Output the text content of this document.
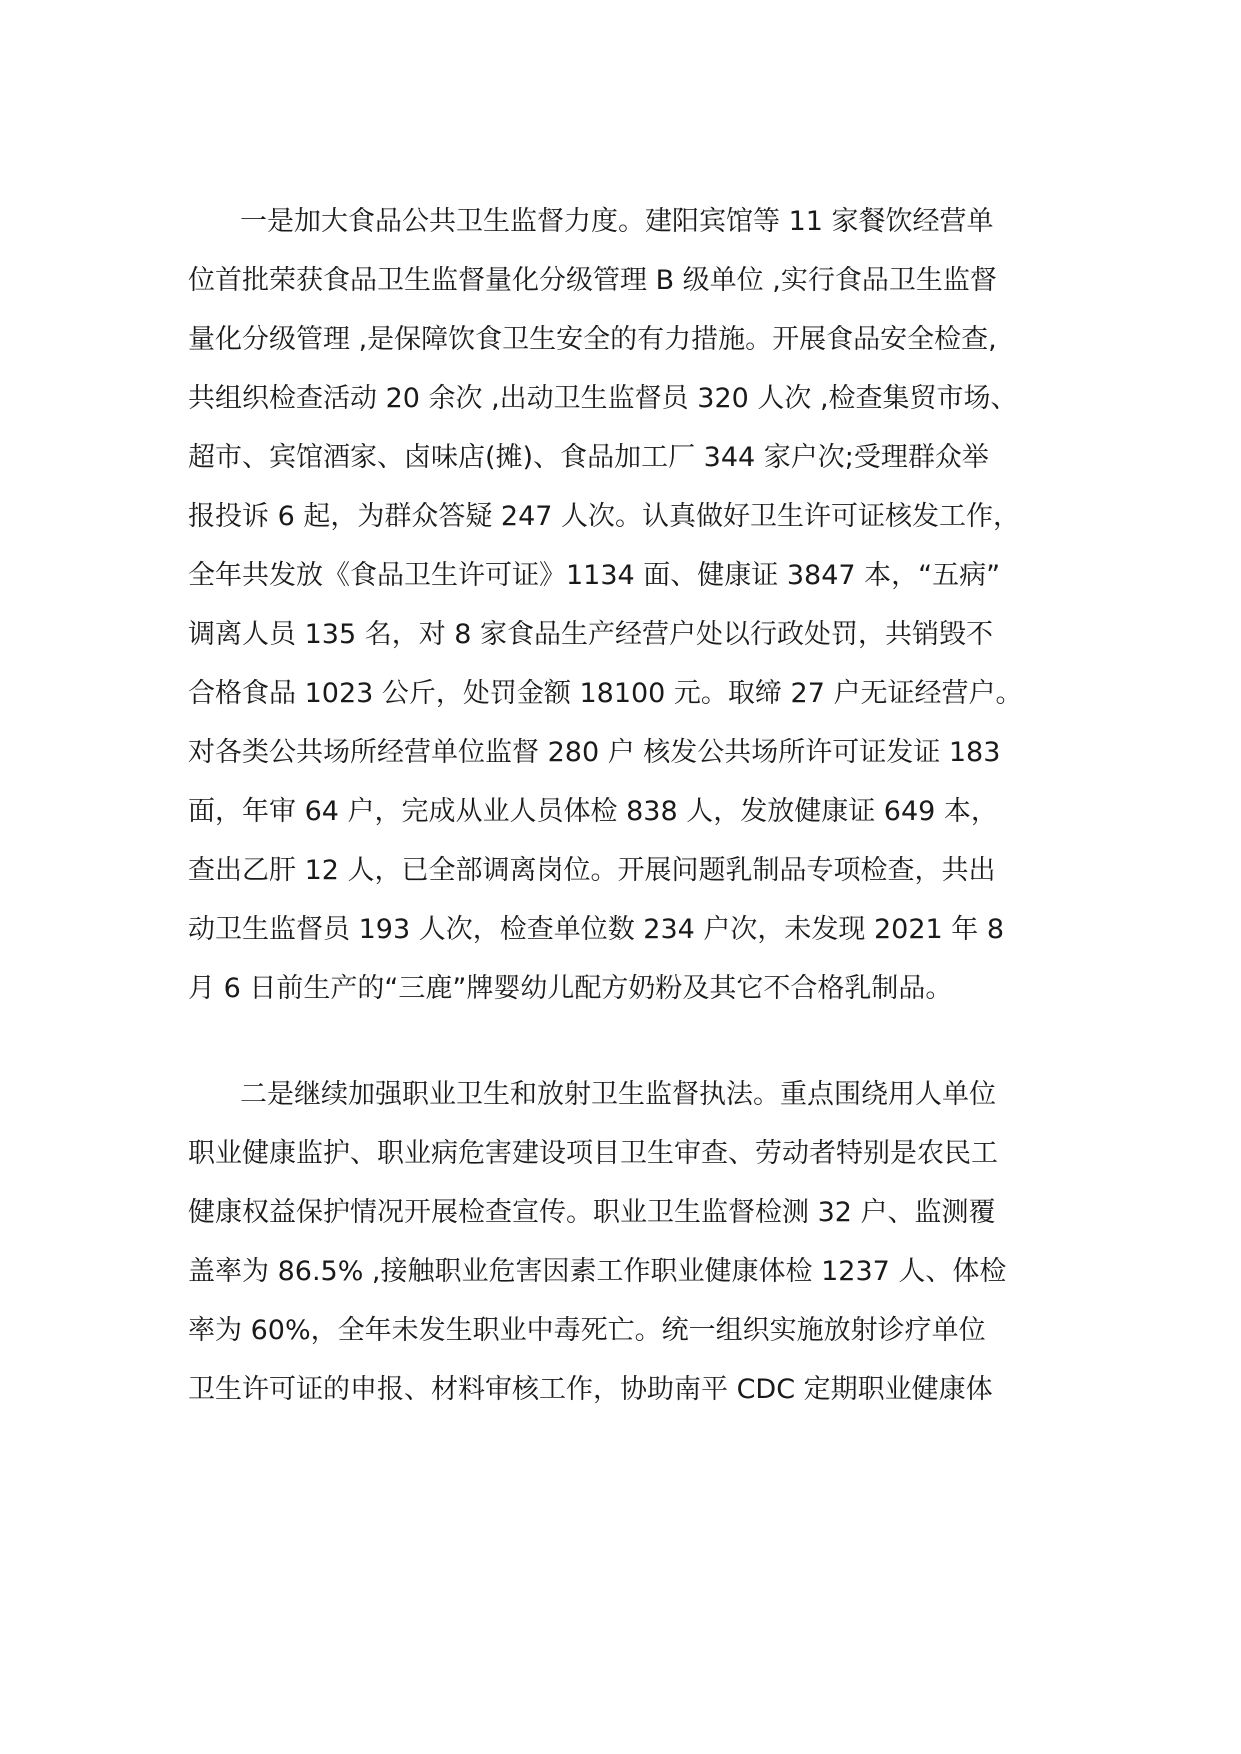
一是加大食品公共卫生监督力度。建阳宾馆等 11 家餐饮经营单
位首批荣获食品卫生监督量化分级管理 B 级单位 ,实行食品卫生监督
量化分级管理 ,是保障饮食卫生安全的有力措施。开展食品安全检查,
共组织检查活动 20 余次 ,出动卫生监督员 320 人次 ,检查集贸市场、
超市、宾馆酒家、卤味店(摊)、食品加工厂 344 家户次;受理群众举
报投诉 6 起，为群众答疑 247 人次。认真做好卫生许可证核发工作，
全年共发放《食品卫生许可证》1134 面、健康证 3847 本，“五病”
调离人员 135 名，对 8 家食品生产经营户处以行政处罚，共销毁不
合格食品 1023 公斤，处罚金额 18100 元。取缔 27 户无证经营户。
对各类公共场所经营单位监督 280 户 核发公共场所许可证发证 183
面，年审 64 户，完成从业人员体检 838 人，发放健康证 649 本，
查出乙肝 12 人，已全部调离岗位。开展问题乳制品专项检查，共出
动卫生监督员 193 人次，检查单位数 234 户次，未发现 2021 年 8
月 6 日前生产的“三鹿”牌婴幼儿配方奶粉及其它不合格乳制品。
二是继续加强职业卫生和放射卫生监督执法。重点围绕用人单位
职业健康监护、职业病危害建设项目卫生审查、劳动者特别是农民工
健康权益保护情况开展检查宣传。职业卫生监督检测 32 户、监测覆
盖率为 86.5% ,接触职业危害因素工作职业健康体检 1237 人、体检
率为 60%，全年未发生职业中毒死亡。统一组织实施放射诊疗单位
卫生许可证的申报、材料审核工作，协助南平 CDC 定期职业健康体
